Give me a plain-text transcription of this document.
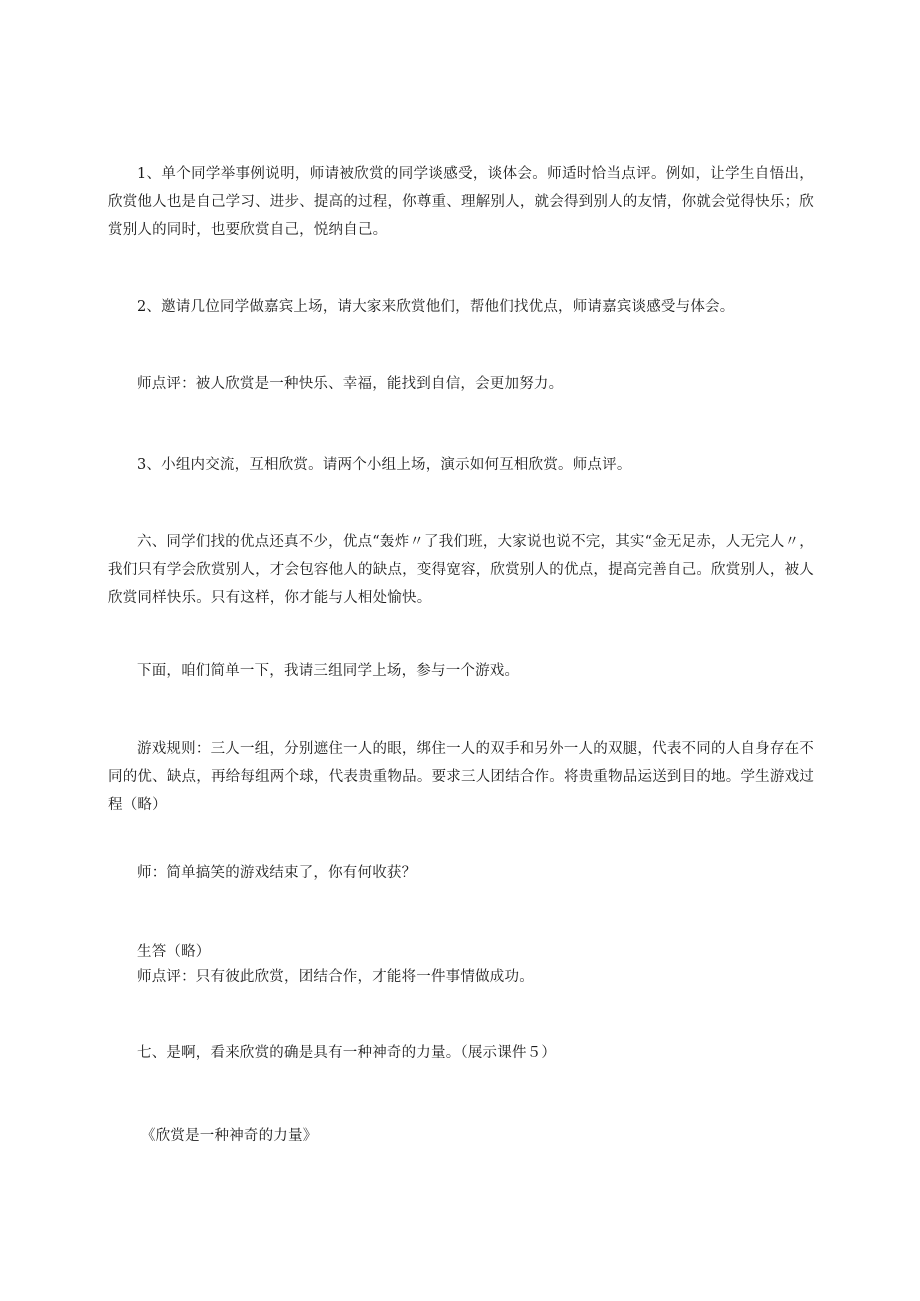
1、单个同学举事例说明，师请被欣赏的同学谈感受，谈体会。师适时恰当点评。例如，让学生自悟出，欣赏他人也是自己学习、进步、提高的过程，你尊重、理解别人，就会得到别人的友情，你就会觉得快乐；欣赏别人的同时，也要欣赏自己，悦纳自己。

2、邀请几位同学做嘉宾上场，请大家来欣赏他们，帮他们找优点，师请嘉宾谈感受与体会。

师点评：被人欣赏是一种快乐、幸福，能找到自信，会更加努力。

3、小组内交流，互相欣赏。请两个小组上场，演示如何互相欣赏。师点评。

六、同学们找的优点还真不少，优点“轰炸〃了我们班，大家说也说不完，其实“金无足赤，人无完人〃，我们只有学会欣赏别人，才会包容他人的缺点，变得宽容，欣赏别人的优点，提高完善自己。欣赏别人，被人欣赏同样快乐。只有这样，你才能与人相处愉快。

下面，咱们简单一下，我请三组同学上场，参与一个游戏。

游戏规则：三人一组，分别遮住一人的眼，绑住一人的双手和另外一人的双腿，代表不同的人自身存在不同的优、缺点，再给每组两个球，代表贵重物品。要求三人团结合作。将贵重物品运送到目的地。学生游戏过程（略）

师：简单搞笑的游戏结束了，你有何收获？

生答（略）

师点评：只有彼此欣赏，团结合作，才能将一件事情做成功。

七、是啊，看来欣赏的确是具有一种神奇的力量。（展示课件５）

《欣赏是一种神奇的力量》
